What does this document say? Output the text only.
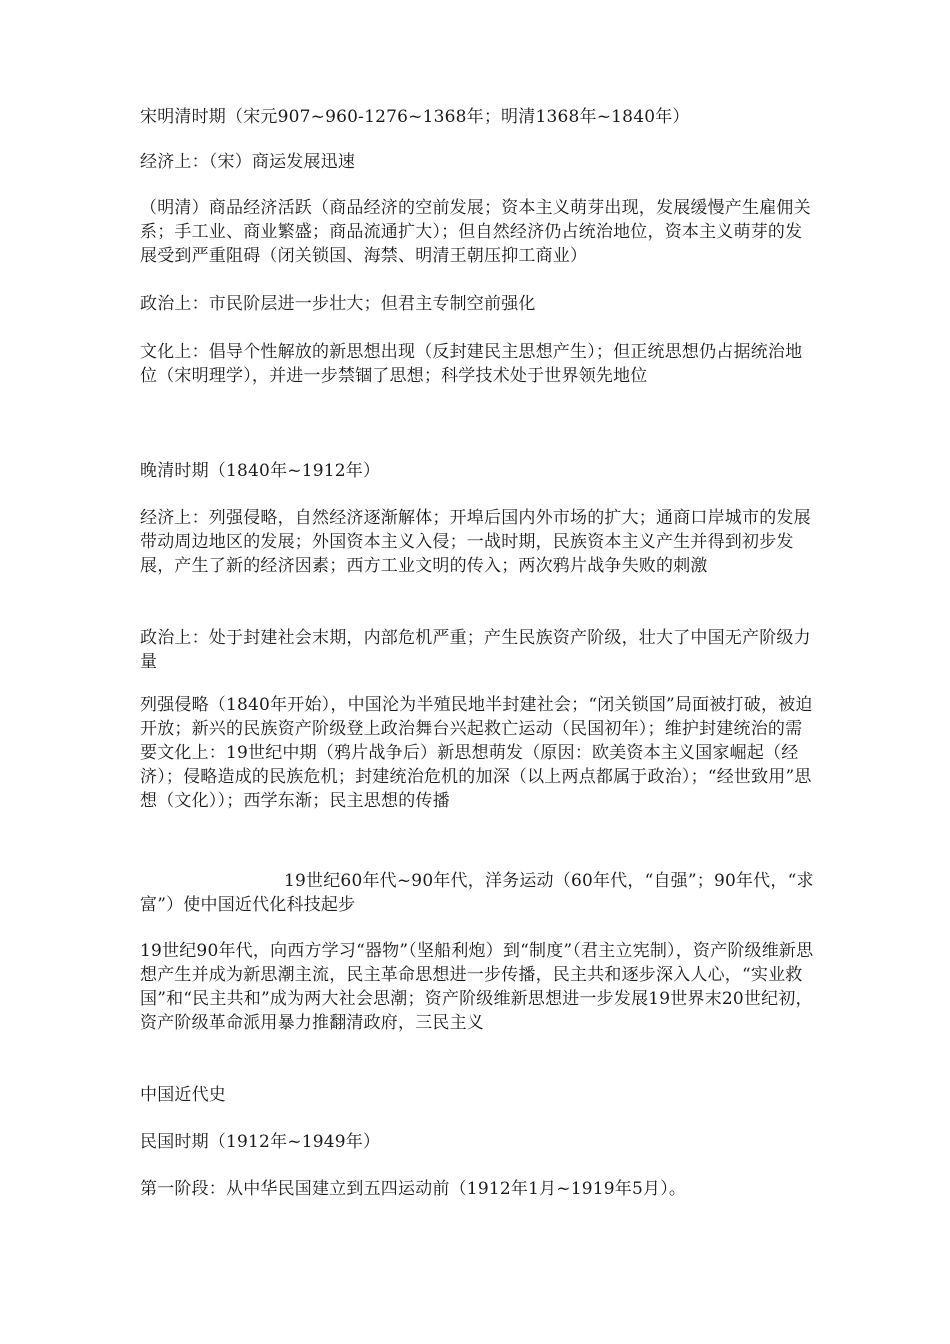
宋明清时期（宋元907~960-1276~1368年；明清1368年~1840年）

经济上：（宋）商运发展迅速

（明清）商品经济活跃（商品经济的空前发展；资本主义萌芽出现，发展缓慢产生雇佣关系；手工业、商业繁盛；商品流通扩大）；但自然经济仍占统治地位，资本主义萌芽的发展受到严重阻碍（闭关锁国、海禁、明清王朝压抑工商业）

政治上：市民阶层进一步壮大；但君主专制空前强化

文化上：倡导个性解放的新思想出现（反封建民主思想产生）；但正统思想仍占据统治地位（宋明理学），并进一步禁锢了思想；科学技术处于世界领先地位

晚清时期（1840年~1912年）

经济上：列强侵略，自然经济逐渐解体；开埠后国内外市场的扩大；通商口岸城市的发展带动周边地区的发展；外国资本主义入侵；一战时期，民族资本主义产生并得到初步发展，产生了新的经济因素；西方工业文明的传入；两次鸦片战争失败的刺激

政治上：处于封建社会末期，内部危机严重；产生民族资产阶级，壮大了中国无产阶级力量

列强侵略（1840年开始），中国沦为半殖民地半封建社会；“闭关锁国”局面被打破，被迫开放；新兴的民族资产阶级登上政治舞台兴起救亡运动（民国初年）；维护封建统治的需要文化上：19世纪中期（鸦片战争后）新思想萌发（原因：欧美资本主义国家崛起（经济）；侵略造成的民族危机；封建统治危机的加深（以上两点都属于政治）；“经世致用”思想（文化））；西学东渐；民主思想的传播

19世纪60年代~90年代，洋务运动（60年代，“自强”；90年代，“求富”）使中国近代化科技起步

19世纪90年代，向西方学习“器物”（坚船利炮）到“制度”（君主立宪制），资产阶级维新思想产生并成为新思潮主流，民主革命思想进一步传播，民主共和逐步深入人心，“实业救国”和“民主共和”成为两大社会思潮；资产阶级维新思想进一步发展19世界末20世纪初，资产阶级革命派用暴力推翻清政府，三民主义

中国近代史

民国时期（1912年~1949年）

第一阶段：从中华民国建立到五四运动前（1912年1月~1919年5月）。
